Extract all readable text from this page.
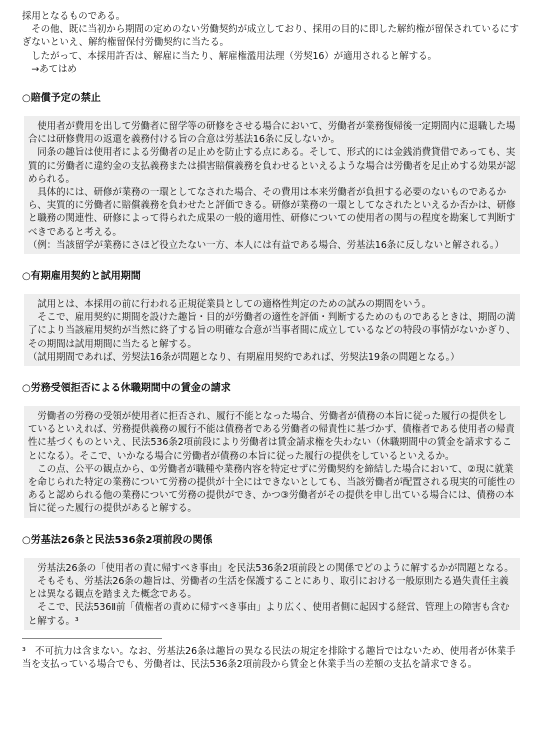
採用となるものである。

　その他、既に当初から期間の定めのない労働契約が成立しており、採用の目的に即した解約権が留保されているにすぎないといえ、解約権留保付労働契約に当たる。

　したがって、本採用許否は、解雇に当たり、解雇権濫用法理（労契16）が適用されると解する。

　→あてはめ

○賠償予定の禁止

　使用者が費用を出して労働者に留学等の研修をさせる場合において、労働者が業務復帰後一定期間内に退職した場合には研修費用の返還を義務付ける旨の合意は労基法16条に反しないか。

　同条の趣旨は使用者による労働者の足止めを防止する点にある。そして、形式的には金銭消費貸借であっても、実質的に労働者に違約金の支払義務または損害賠償義務を負わせるといえるような場合は労働者を足止めする効果が認められる。

　具体的には、研修が業務の一環としてなされた場合、その費用は本来労働者が負担する必要のないものであるから、実質的に労働者に賠償義務を負わせたと評価できる。研修が業務の一環としてなされたといえるか否かは、研修と職務の関連性、研修によって得られた成果の一般的適用性、研修についての使用者の関与の程度を勘案して判断すべきであると考える。

（例：当該留学が業務にさほど役立たない一方、本人には有益である場合、労基法16条に反しないと解される。）

○有期雇用契約と試用期間

　試用とは、本採用の前に行われる正規従業員としての適格性判定のための試みの期間をいう。

　そこで、雇用契約に期間を設けた趣旨・目的が労働者の適性を評価・判断するためのものであるときは、期間の満了により当該雇用契約が当然に終了する旨の明確な合意が当事者間に成立しているなどの特段の事情がないかぎり、その期間は試用期間に当たると解する。

（試用期間であれば、労契法16条が問題となり、有期雇用契約であれば、労契法19条の問題となる。）

○労務受領拒否による休職期間中の賃金の請求

　労働者の労務の受領が使用者に拒否され、履行不能となった場合、労働者が債務の本旨に従った履行の提供をしているといえれば、労務提供義務の履行不能は債務者である労働者の帰責性に基づかず、債権者である使用者の帰責性に基づくものといえ、民法536条2項前段により労働者は賃金請求権を失わない（休職期間中の賃金を請求することになる）。そこで、いかなる場合に労働者が債務の本旨に従った履行の提供をしているといえるか。

　この点、公平の観点から、①労働者が職種や業務内容を特定せずに労働契約を締結した場合において、②現に就業を命じられた特定の業務について労務の提供が十全にはできないとしても、当該労働者が配置される現実的可能性のあると認められる他の業務について労務の提供ができ、かつ③労働者がその提供を申し出ている場合には、債務の本旨に従った履行の提供があると解する。

○労基法26条と民法536条2項前段の関係

　労基法26条の「使用者の責に帰すべき事由」を民法536条2項前段との関係でどのように解するかが問題となる。

　そもそも、労基法26条の趣旨は、労働者の生活を保護することにあり、取引における一般原則たる過失責任主義とは異なる観点を踏まえた概念である。

　そこで、民法536Ⅱ前「債権者の責めに帰すべき事由」より広く、使用者側に起因する経営、管理上の障害も含むと解する。³

³　不可抗力は含まない。なお、労基法26条は趣旨の異なる民法の規定を排除する趣旨ではないため、使用者が休業手当を支払っている場合でも、労働者は、民法536条2項前段から賃金と休業手当の差額の支払を請求できる。
